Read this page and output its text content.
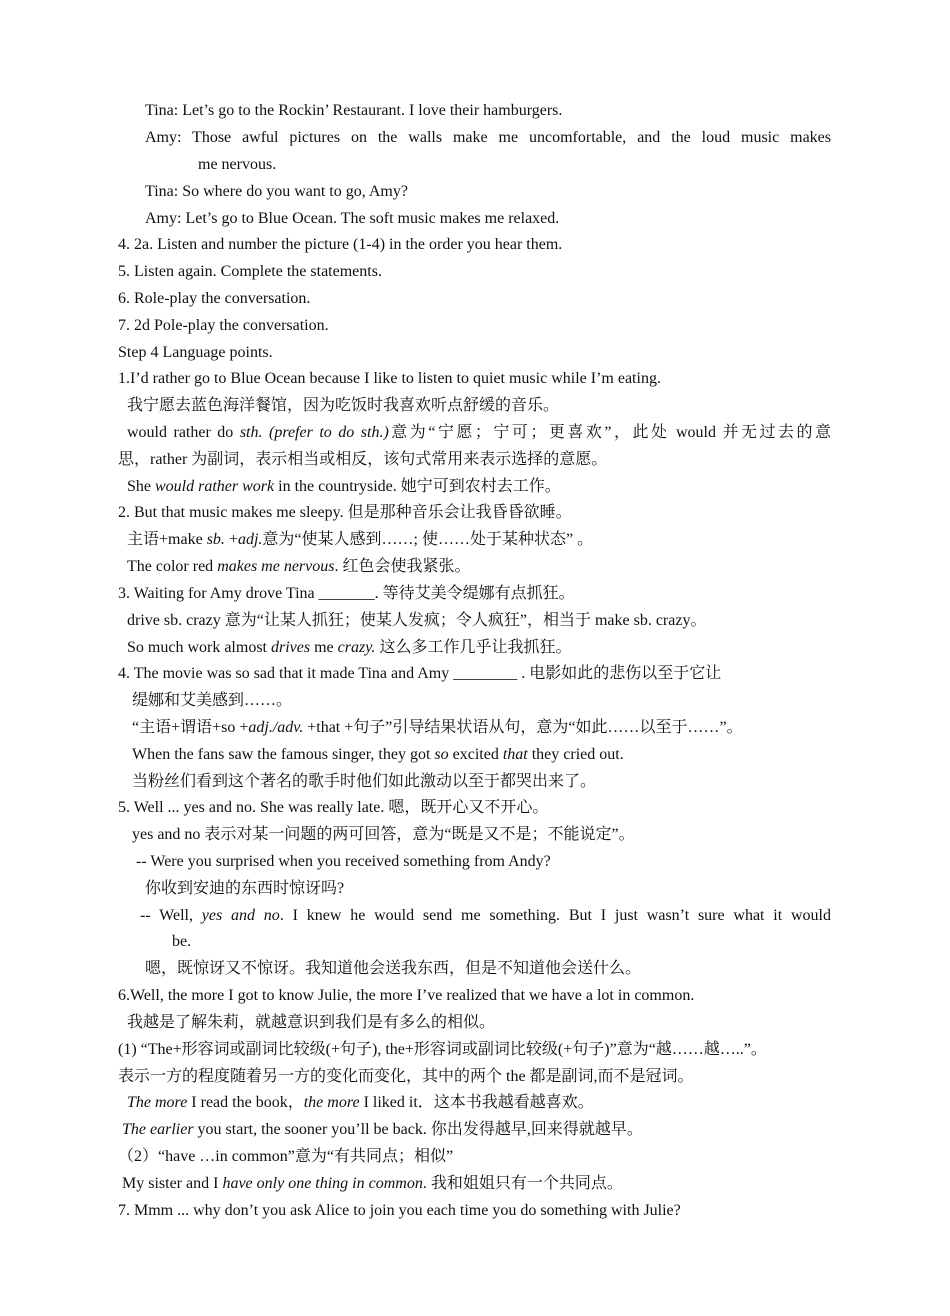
Tina: Let’s go to the Rockin’ Restaurant. I love their hamburgers.
Amy: Those awful pictures on the walls make me uncomfortable, and the loud music makes
me nervous.
Tina: So where do you want to go, Amy?
Amy: Let’s go to Blue Ocean. The soft music makes me relaxed.
4. 2a. Listen and number the picture (1-4) in the order you hear them.
5. Listen again. Complete the statements.
6. Role-play the conversation.
7. 2d Pole-play the conversation.
Step 4 Language points.
1.I’d rather go to Blue Ocean because I like to listen to quiet music while I’m eating.
我宁愿去蓝色海洋餐馆，因为吃饭时我喜欢听点舒缓的音乐。
would rather do sth. (prefer to do sth.)意为“宁愿；宁可；更喜欢”，此处 would 并无过去的意
思，rather 为副词，表示相当或相反，该句式常用来表示选择的意愿。
She would rather work in the countryside. 她宁可到农村去工作。
2. But that music makes me sleepy. 但是那种音乐会让我昏昏欲睡。
主语+make sb. +adj.意为“使某人感到……; 使……处于某种状态” 。
The color red makes me nervous. 红色会使我紧张。
3. Waiting for Amy drove Tina _______. 等待艾美令缇娜有点抓狂。
drive sb. crazy 意为“让某人抓狂；使某人发疯；令人疯狂”，相当于 make sb. crazy。
So much work almost drives me crazy. 这么多工作几乎让我抓狂。
4. The movie was so sad that it made Tina and Amy ________ . 电影如此的悲伤以至于它让
缇娜和艾美感到……。
“主语+谓语+so +adj./adv. +that +句子”引导结果状语从句，意为“如此……以至于……”。
When the fans saw the famous singer, they got so excited that they cried out.
当粉丝们看到这个著名的歌手时他们如此激动以至于都哭出来了。
5. Well ... yes and no. She was really late. 嗯，既开心又不开心。
yes and no 表示对某一问题的两可回答，意为“既是又不是；不能说定”。
-- Were you surprised when you received something from Andy?
你收到安迪的东西时惊讶吗?
-- Well, yes and no. I knew he would send me something. But I just wasn’t sure what it would
be.
嗯，既惊讶又不惊讶。我知道他会送我东西，但是不知道他会送什么。
6.Well, the more I got to know Julie, the more I’ve realized that we have a lot in common.
我越是了解朱莉，就越意识到我们是有多么的相似。
(1) “The+形容词或副词比较级(+句子), the+形容词或副词比较级(+句子)”意为“越……越…..”。
表示一方的程度随着另一方的变化而变化，其中的两个 the 都是副词,而不是冠词。
The more I read the book，the more I liked it．这本书我越看越喜欢。
The earlier you start, the sooner you’ll be back. 你出发得越早,回来得就越早。
（2）“have …in common”意为“有共同点；相似”
My sister and I have only one thing in common. 我和姐姐只有一个共同点。
7. Mmm ... why don’t you ask Alice to join you each time you do something with Julie?
